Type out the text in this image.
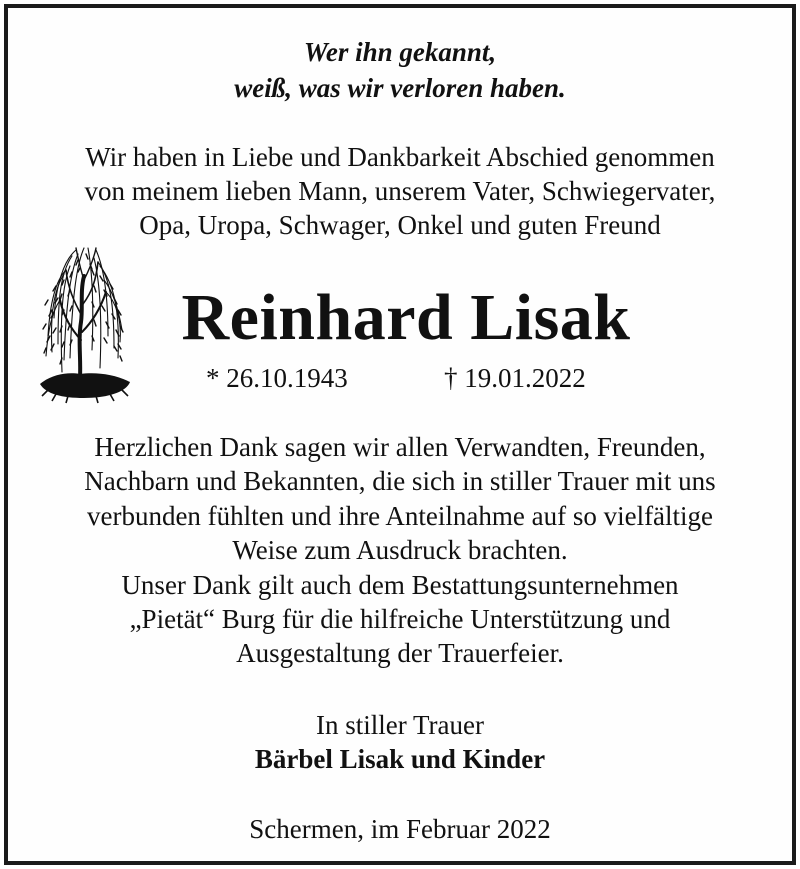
Wer ihn gekannt,
weiß, was wir verloren haben.
Wir haben in Liebe und Dankbarkeit Abschied genommen
von meinem lieben Mann, unserem Vater, Schwiegervater,
Opa, Uropa, Schwager, Onkel und guten Freund
Reinhard Lisak
* 26.10.1943	† 19.01.2022
Herzlichen Dank sagen wir allen Verwandten, Freunden,
Nachbarn und Bekannten, die sich in stiller Trauer mit uns
verbunden fühlten und ihre Anteilnahme auf so vielfältige
Weise zum Ausdruck brachten.
Unser Dank gilt auch dem Bestattungsunternehmen
„Pietät“ Burg für die hilfreiche Unterstützung und
Ausgestaltung der Trauerfeier.
In stiller Trauer
Bärbel Lisak und Kinder
Schermen, im Februar 2022
